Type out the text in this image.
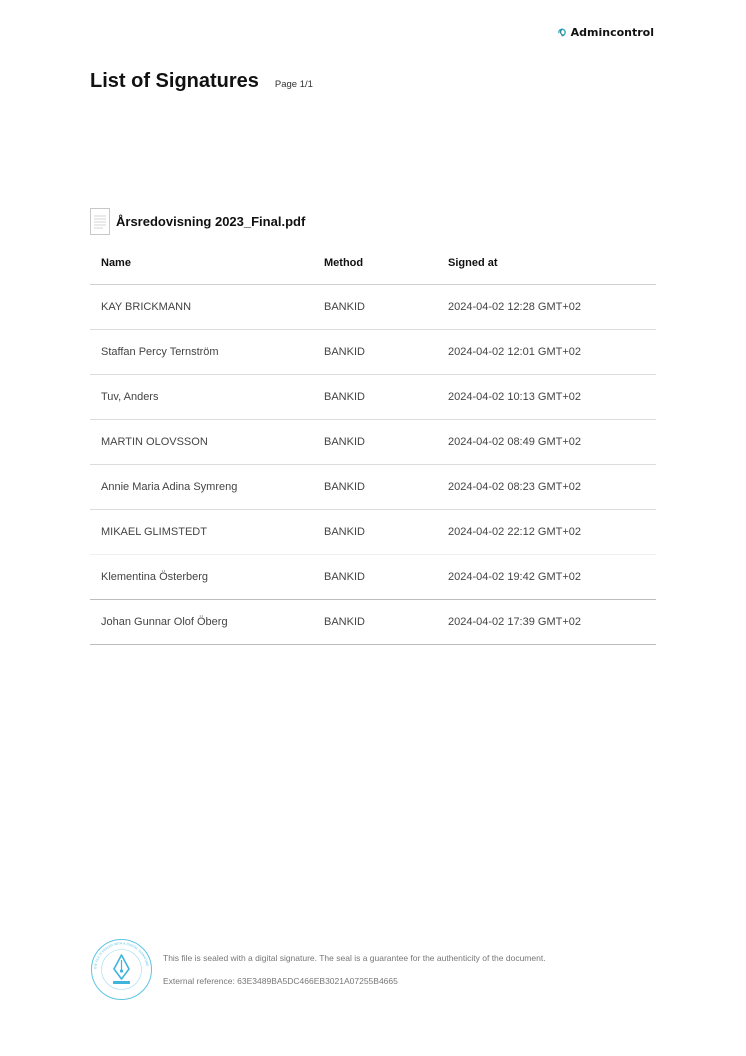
Admincontrol
List of Signatures Page 1/1
Årsredovisning 2023_Final.pdf
Name	Method	Signed at
KAY BRICKMANN	BANKID	2024-04-02 12:28 GMT+02
Staffan Percy Ternström	BANKID	2024-04-02 12:01 GMT+02
Tuv, Anders	BANKID	2024-04-02 10:13 GMT+02
MARTIN OLOVSSON	BANKID	2024-04-02 08:49 GMT+02
Annie Maria Adina Symreng	BANKID	2024-04-02 08:23 GMT+02
MIKAEL GLIMSTEDT	BANKID	2024-04-02 22:12 GMT+02
Klementina Österberg	BANKID	2024-04-02 19:42 GMT+02
Johan Gunnar Olof Öberg	BANKID	2024-04-02 17:39 GMT+02
THE FILE IS SEALED WITH A DIGITAL SIGNATURE
This file is sealed with a digital signature. The seal is a guarantee for the authenticity of the document.
External reference: 63E3489BA5DC466EB3021A07255B4665
